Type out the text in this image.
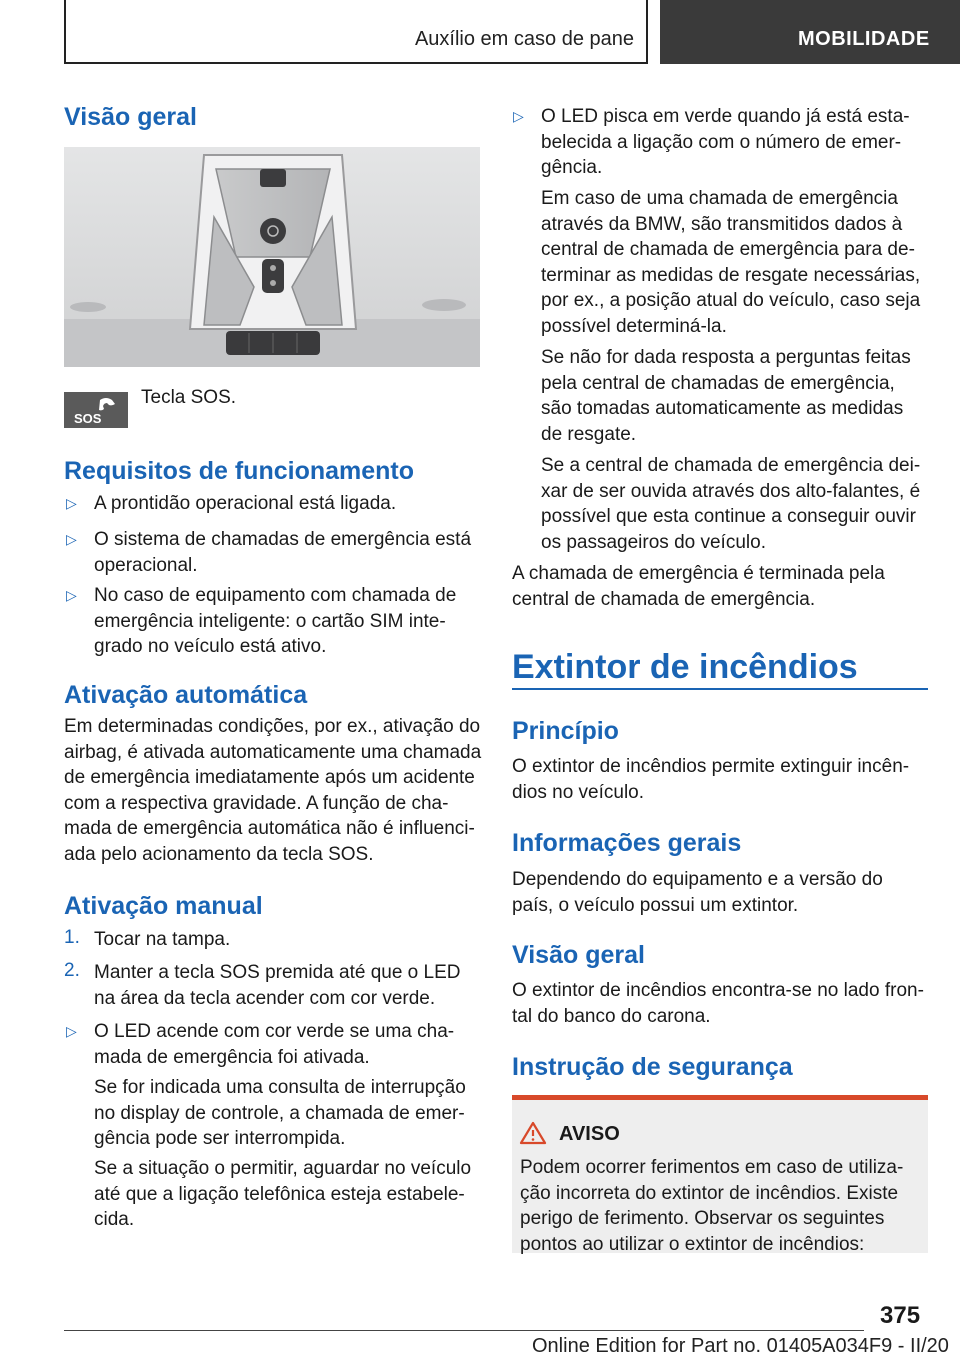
Auxílio em caso de pane	MOBILIDADE
Visão geral
SOS
Tecla SOS.
Requisitos de funcionamento
▷ A prontidão operacional está ligada.
▷ O sistema de chamadas de emergência está
operacional.
▷ No caso de equipamento com chamada de
emergência inteligente: o cartão SIM inte-
grado no veículo está ativo.
Ativação automática
Em determinadas condições, por ex., ativação do
airbag, é ativada automaticamente uma chamada
de emergência imediatamente após um acidente
com a respectiva gravidade. A função de cha-
mada de emergência automática não é influenci-
ada pelo acionamento da tecla SOS.
Ativação manual
1. Tocar na tampa.
2. Manter a tecla SOS premida até que o LED
na área da tecla acender com cor verde.
▷ O LED acende com cor verde se uma cha-
mada de emergência foi ativada.
Se for indicada uma consulta de interrupção
no display de controle, a chamada de emer-
gência pode ser interrompida.
Se a situação o permitir, aguardar no veículo
até que a ligação telefônica esteja estabele-
cida.
▷ O LED pisca em verde quando já está esta-
belecida a ligação com o número de emer-
gência.
Em caso de uma chamada de emergência
através da BMW, são transmitidos dados à
central de chamada de emergência para de-
terminar as medidas de resgate necessárias,
por ex., a posição atual do veículo, caso seja
possível determiná-la.
Se não for dada resposta a perguntas feitas
pela central de chamadas de emergência,
são tomadas automaticamente as medidas
de resgate.
Se a central de chamada de emergência dei-
xar de ser ouvida através dos alto-falantes, é
possível que esta continue a conseguir ouvir
os passageiros do veículo.
A chamada de emergência é terminada pela
central de chamada de emergência.
Extintor de incêndios
Princípio
O extintor de incêndios permite extinguir incên-
dios no veículo.
Informações gerais
Dependendo do equipamento e a versão do
país, o veículo possui um extintor.
Visão geral
O extintor de incêndios encontra-se no lado fron-
tal do banco do carona.
Instrução de segurança
AVISO
Podem ocorrer ferimentos em caso de utiliza-
ção incorreta do extintor de incêndios. Existe
perigo de ferimento. Observar os seguintes
pontos ao utilizar o extintor de incêndios:
375
Online Edition for Part no. 01405A034F9 - II/20
